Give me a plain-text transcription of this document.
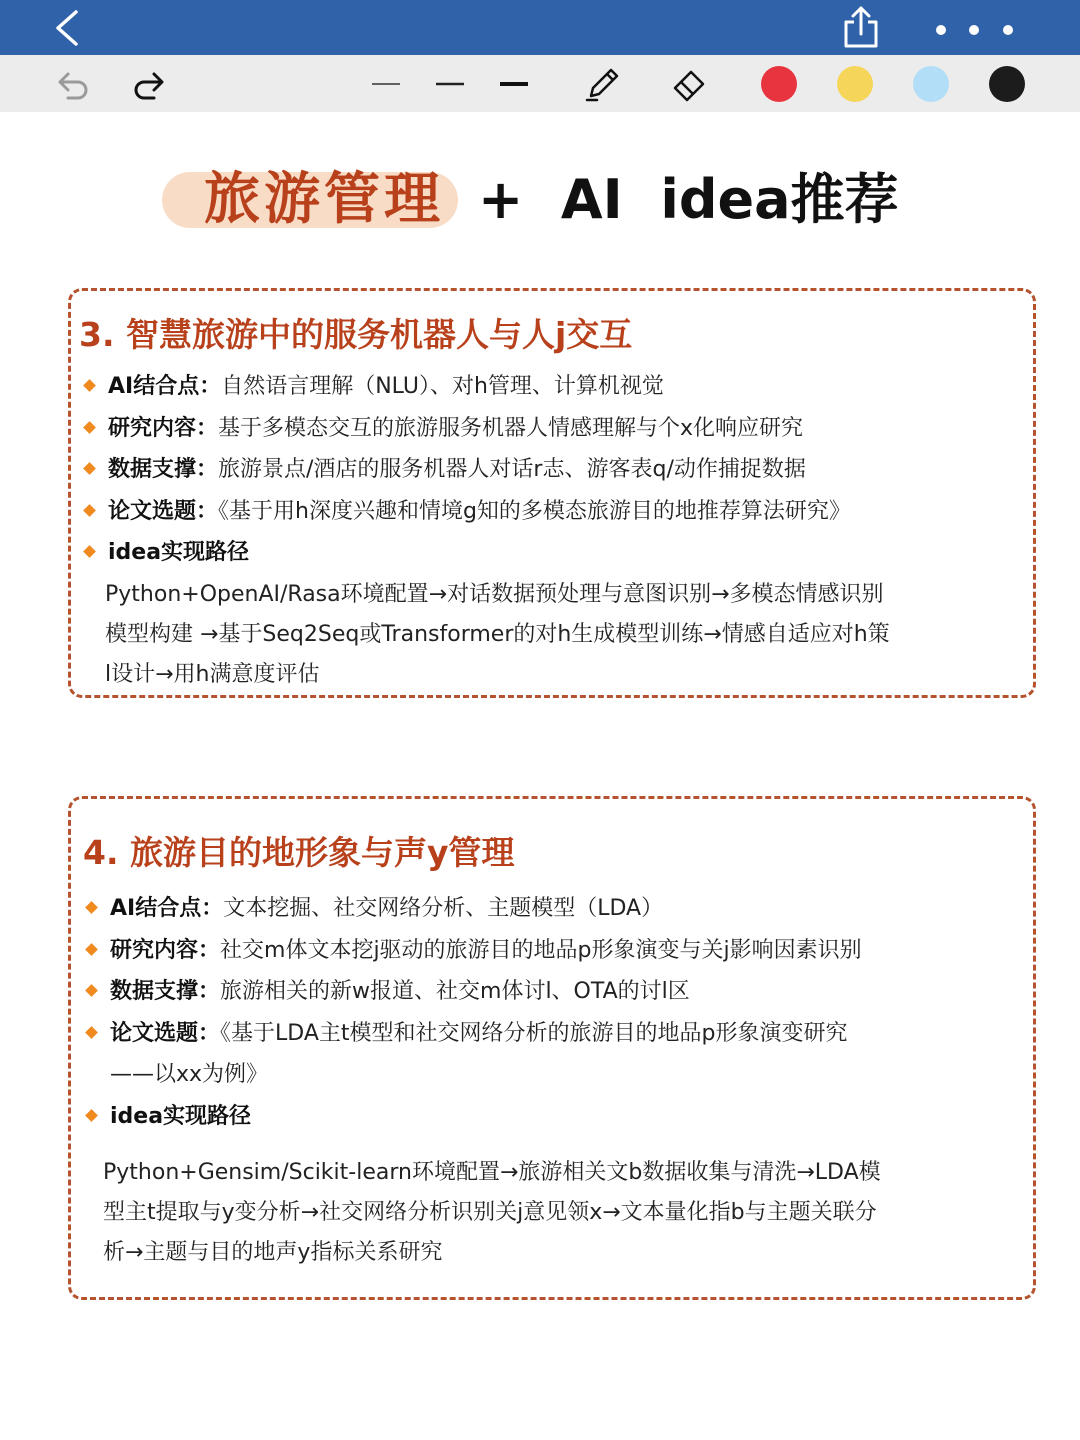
旅游管理 +  AI  idea推荐
3. 智慧旅游中的服务机器人与人j交互
AI结合点：自然语言理解（NLU）、对h管理、计算机视觉
研究内容：基于多模态交互的旅游服务机器人情感理解与个x化响应研究
数据支撑：旅游景点/酒店的服务机器人对话r志、游客表q/动作捕捉数据
论文选题：《基于用h深度兴趣和情境g知的多模态旅游目的地推荐算法研究》
idea实现路径
Python+OpenAI/Rasa环境配置→对话数据预处理与意图识别→多模态情感识别
模型构建 →基于Seq2Seq或Transformer的对h生成模型训练→情感自适应对h策
l设计→用h满意度评估
4. 旅游目的地形象与声y管理
AI结合点：文本挖掘、社交网络分析、主题模型（LDA）
研究内容：社交m体文本挖j驱动的旅游目的地品p形象演变与关j影响因素识别
数据支撑：旅游相关的新w报道、社交m体讨l、OTA的讨l区
论文选题：《基于LDA主t模型和社交网络分析的旅游目的地品p形象演变研究
——以xx为例》
idea实现路径
Python+Gensim/Scikit-learn环境配置→旅游相关文b数据收集与清洗→LDA模
型主t提取与y变分析→社交网络分析识别关j意见领x→文本量化指b与主题关联分
析→主题与目的地声y指标关系研究
